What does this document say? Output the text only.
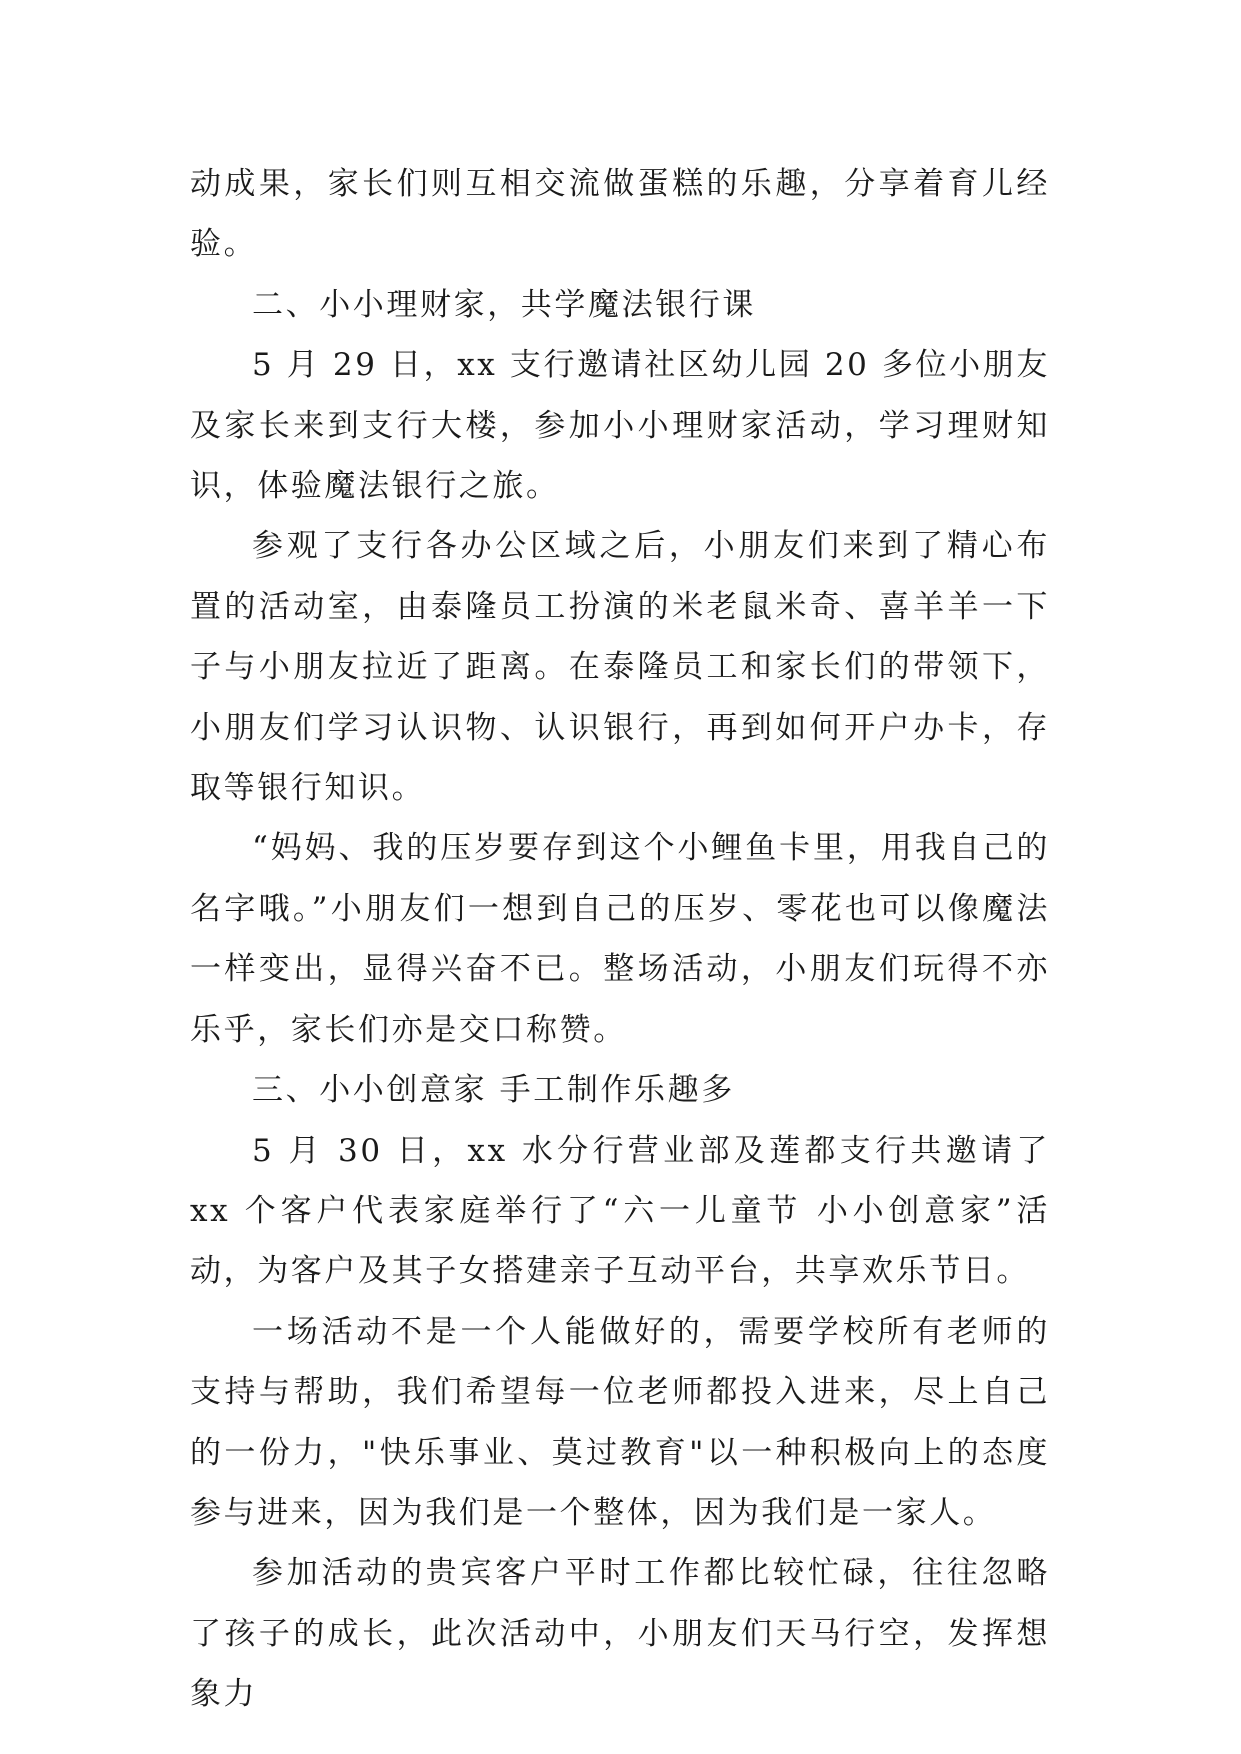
动成果，家长们则互相交流做蛋糕的乐趣，分享着育儿经验。

二、小小理财家，共学魔法银行课

5 月 29 日，xx 支行邀请社区幼儿园 20 多位小朋友及家长来到支行大楼，参加小小理财家活动，学习理财知识，体验魔法银行之旅。

参观了支行各办公区域之后，小朋友们来到了精心布置的活动室，由泰隆员工扮演的米老鼠米奇、喜羊羊一下子与小朋友拉近了距离。在泰隆员工和家长们的带领下，小朋友们学习认识物、认识银行，再到如何开户办卡，存取等银行知识。

“妈妈、我的压岁要存到这个小鲤鱼卡里，用我自己的名字哦。”小朋友们一想到自己的压岁、零花也可以像魔法一样变出，显得兴奋不已。整场活动，小朋友们玩得不亦乐乎，家长们亦是交口称赞。

三、小小创意家 手工制作乐趣多

5 月 30 日，xx 水分行营业部及莲都支行共邀请了 xx 个客户代表家庭举行了“六一儿童节 小小创意家”活动，为客户及其子女搭建亲子互动平台，共享欢乐节日。

一场活动不是一个人能做好的，需要学校所有老师的支持与帮助，我们希望每一位老师都投入进来，尽上自己的一份力，"快乐事业、莫过教育"以一种积极向上的态度参与进来，因为我们是一个整体，因为我们是一家人。

参加活动的贵宾客户平时工作都比较忙碌，往往忽略了孩子的成长，此次活动中，小朋友们天马行空，发挥想象力
